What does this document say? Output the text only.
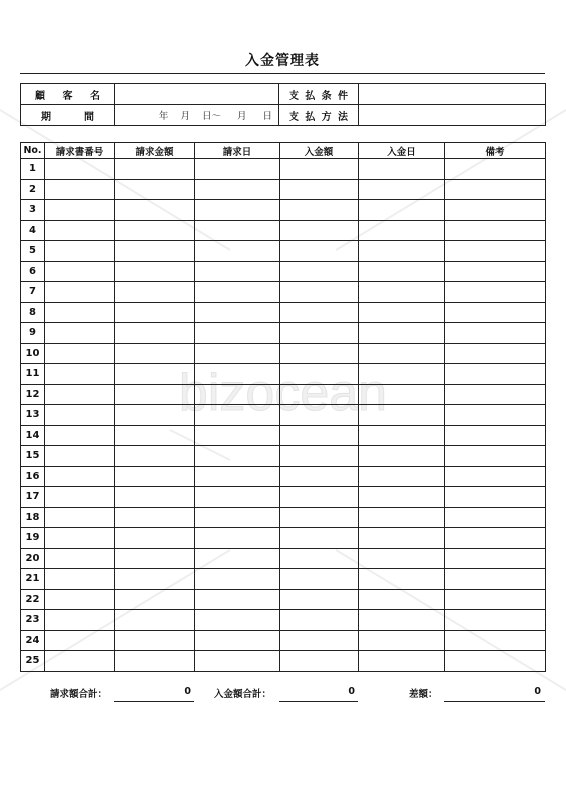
bizocean
入金管理表
顧 客 名		支 払 条 件	

期 間	年 月 日〜 月 日	支 払 方 法	

No.	請求書番号	請求金額	請求日	入金額	入金日	備考
1						
2						
3						
4						
5						
6						
7						
8						
9						
10						
11						
12						
13						
14						
15						
16						
17						
18						
19						
20						
21						
22						
23						
24						
25						
請求額合計：	0 入金額合計：	0	差額：	0
